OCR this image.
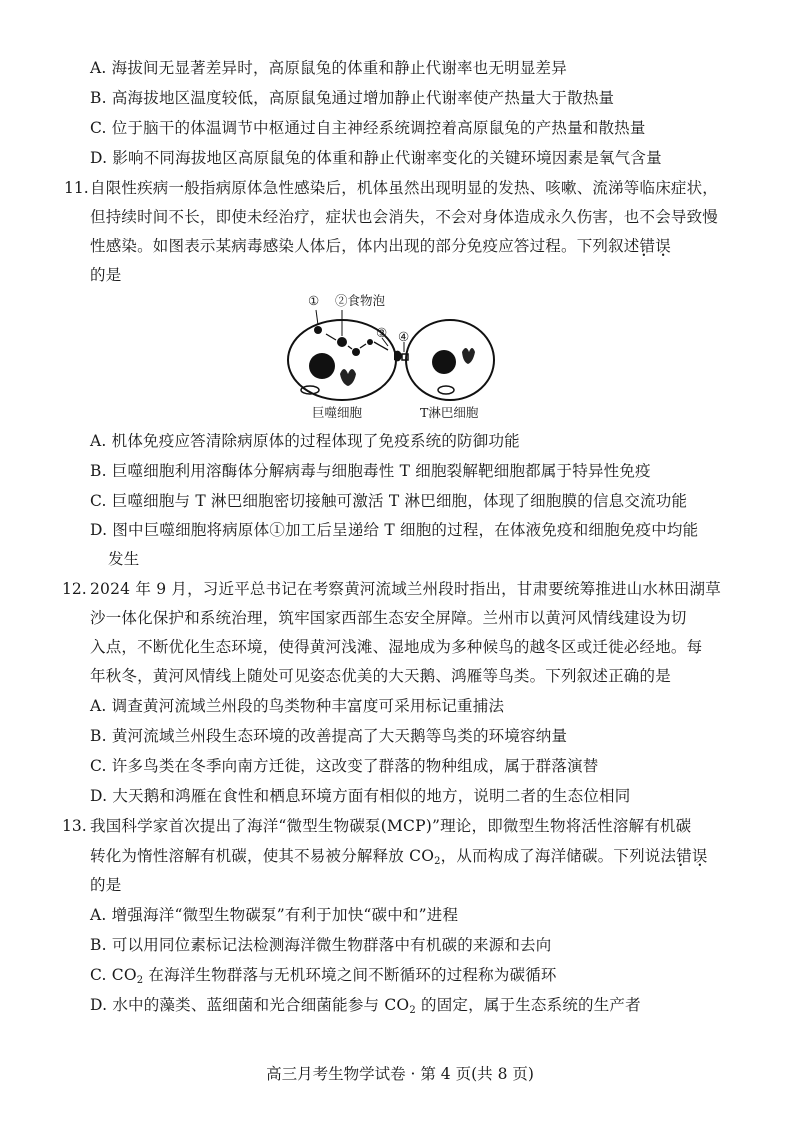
A. 海拔间无显著差异时，高原鼠兔的体重和静止代谢率也无明显差异
B. 高海拔地区温度较低，高原鼠兔通过增加静止代谢率使产热量大于散热量
C. 位于脑干的体温调节中枢通过自主神经系统调控着高原鼠兔的产热量和散热量
D. 影响不同海拔地区高原鼠兔的体重和静止代谢率变化的关键环境因素是氧气含量
11. 自限性疾病一般指病原体急性感染后，机体虽然出现明显的发热、咳嗽、流涕等临床症状，
但持续时间不长，即使未经治疗，症状也会消失，不会对身体造成永久伤害，也不会导致慢
性感染。如图表示某病毒感染人体后，体内出现的部分免疫应答过程。下列叙述错误 • •
的是
① ②食物泡
③ ④
巨噬细胞	T淋巴细胞
A. 机体免疫应答清除病原体的过程体现了免疫系统的防御功能
B. 巨噬细胞利用溶酶体分解病毒与细胞毒性 T 细胞裂解靶细胞都属于特异性免疫
C. 巨噬细胞与 T 淋巴细胞密切接触可激活 T 淋巴细胞，体现了细胞膜的信息交流功能
D. 图中巨噬细胞将病原体①加工后呈递给 T 细胞的过程，在体液免疫和细胞免疫中均能
发生
12. 2024 年 9 月，习近平总书记在考察黄河流域兰州段时指出，甘肃要统筹推进山水林田湖草
沙一体化保护和系统治理，筑牢国家西部生态安全屏障。兰州市以黄河风情线建设为切
入点，不断优化生态环境，使得黄河浅滩、湿地成为多种候鸟的越冬区或迁徙必经地。每
年秋冬，黄河风情线上随处可见姿态优美的大天鹅、鸿雁等鸟类。下列叙述正确的是
A. 调查黄河流域兰州段的鸟类物种丰富度可采用标记重捕法
B. 黄河流域兰州段生态环境的改善提高了大天鹅等鸟类的环境容纳量
C. 许多鸟类在冬季向南方迁徙，这改变了群落的物种组成，属于群落演替
D. 大天鹅和鸿雁在食性和栖息环境方面有相似的地方，说明二者的生态位相同
13. 我国科学家首次提出了海洋“微型生物碳泵(MCP)”理论，即微型生物将活性溶解有机碳
转化为惰性溶解有机碳，使其不易被分解释放 $CO_2$，从而构成了海洋储碳。下列说法错误 • •
的是
A. 增强海洋“微型生物碳泵”有利于加快“碳中和”进程
B. 可以用同位素标记法检测海洋微生物群落中有机碳的来源和去向
C. $CO_2$ 在海洋生物群落与无机环境之间不断循环的过程称为碳循环
D. 水中的藻类、蓝细菌和光合细菌能参与 $CO_2$ 的固定，属于生态系统的生产者
高三月考生物学试卷 · 第 4 页(共 8 页)
